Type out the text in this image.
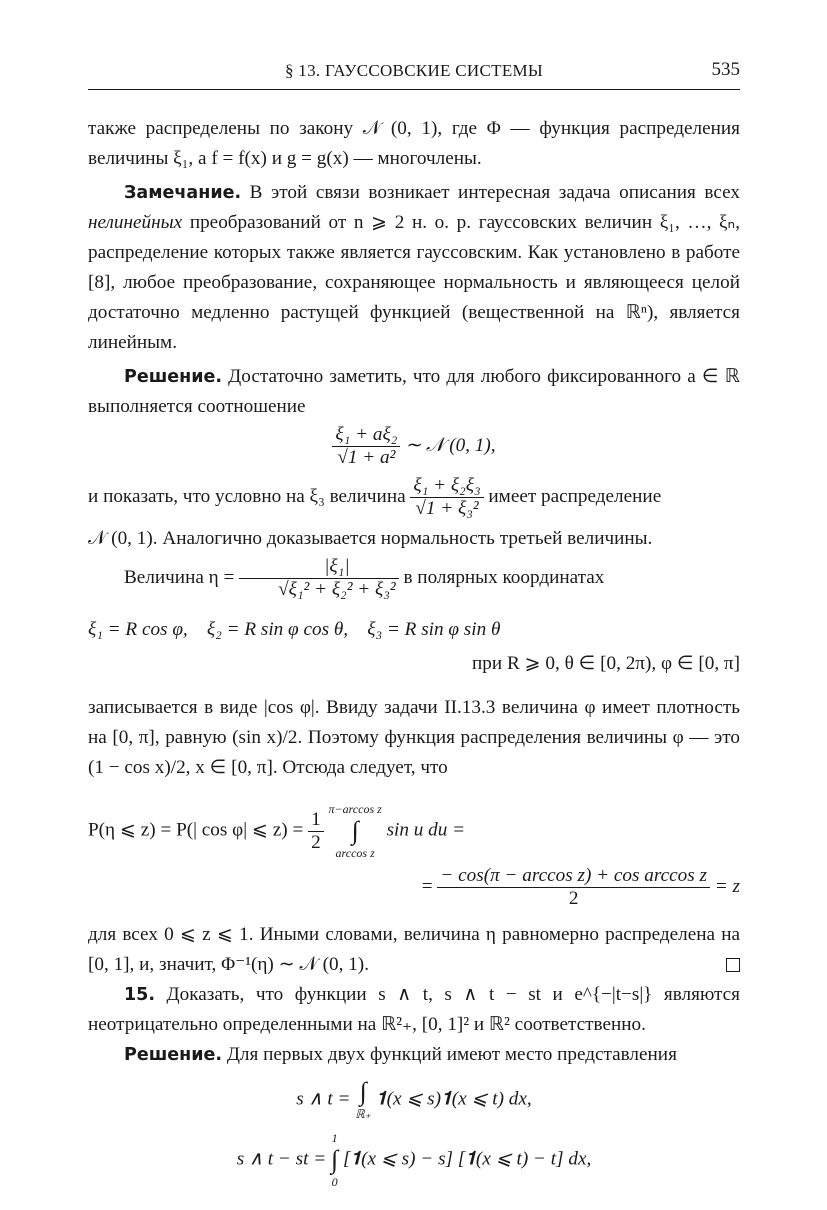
§ 13. ГАУССОВСКИЕ СИСТЕМЫ	535

также распределены по закону 𝒩 (0, 1), где Φ — функция распределения величины ξ₁, а f = f(x) и g = g(x) — многочлены.

Замечание. В этой связи возникает интересная задача описания всех нелинейных преобразований от n ⩾ 2 н. о. р. гауссовских величин ξ₁, …, ξₙ, распределение которых также является гауссовским. Как установлено в работе [8], любое преобразование, сохраняющее нормальность и являющееся целой достаточно медленно растущей функцией (вещественной на ℝⁿ), является линейным.

Решение. Достаточно заметить, что для любого фиксированного a ∈ ℝ выполняется соотношение

$\frac{\text{ξ₁ + aξ₂}}{\text{√1 + a²}}$ ∼ 𝒩 (0, 1),

и показать, что условно на ξ₃ величина $\frac{\text{ξ₁ + ξ₂ξ₃}}{\text{√1 + ξ₃²}}$ имеет распределение

𝒩 (0, 1). Аналогично доказывается нормальность третьей величины.

Величина $\eta = \frac{\text{|ξ₁|}}{\text{√ξ₁² + ξ₂² + ξ₃²}}$ в полярных координатах

ξ₁ = R cos φ,    ξ₂ = R sin φ cos θ,    ξ₃ = R sin φ sin θ

при R ⩾ 0, θ ∈ [0, 2π), φ ∈ [0, π]

записывается в виде |cos φ|. Ввиду задачи II.13.3 величина φ имеет плотность на [0, π], равную (sin x)/2. Поэтому функция распределения величины φ — это (1 − cos x)/2, x ∈ [0, π]. Отсюда следует, что

P(η ⩽ z) = P(| cos φ| ⩽ $z) = \frac{1}{2}$
π−arccos z
∫
arccos z
sin u du =
= $\frac{\text{− cos(π − arccos z) + cos arccos z}}{2} = z$

для всех 0 ⩽ z ⩽ 1. Иными словами, величина η равномерно распределена на [0, 1], и, значит, Φ⁻¹(η) ∼ 𝒩 (0, 1).

15. Доказать, что функции s ∧ t, s ∧ t − st и e^{−|t−s|} являются неотрицательно определенными на ℝ²₊, [0, 1]² и ℝ² соответственно.

Решение. Для первых двух функций имеют место представления

s ∧ t = ∫
ℝ₊
𝟏(x ⩽ s)𝟏(x ⩽ t) dx,
s ∧ t − st =
1
∫
0
[𝟏(x ⩽ s) − s] [𝟏(x ⩽ t) − t] dx,
